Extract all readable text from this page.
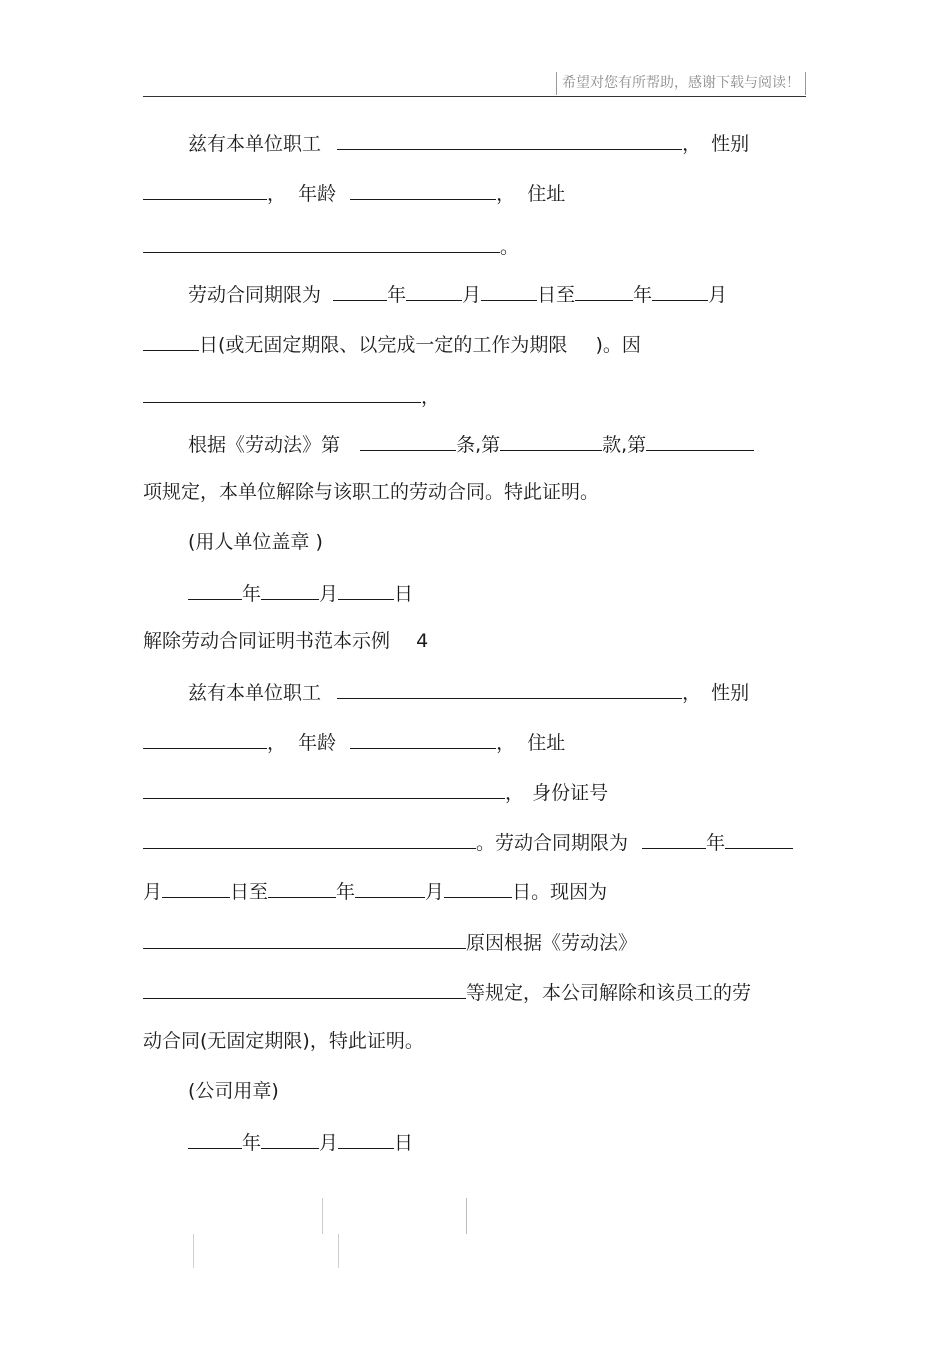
希望对您有所帮助，感谢下载与阅读！
兹有本单位职工	， 性别
， 年龄	， 住址
。
劳动合同期限为	年	月	日至	年	月
日(或无固定期限、以完成一定的工作为期限 )。因
，
根据《劳动法》第	条,第	款,第
项规定，本单位解除与该职工的劳动合同。特此证明。
(用人单位盖章 )
年	月	日
解除劳动合同证明书范本示例 4
兹有本单位职工	， 性别
， 年龄	， 住址
， 身份证号
。劳动合同期限为	年
月	日至	年	月	日。现因为
原因根据《劳动法》
等规定，本公司解除和该员工的劳
动合同(无固定期限)，特此证明。
(公司用章)
年	月	日
